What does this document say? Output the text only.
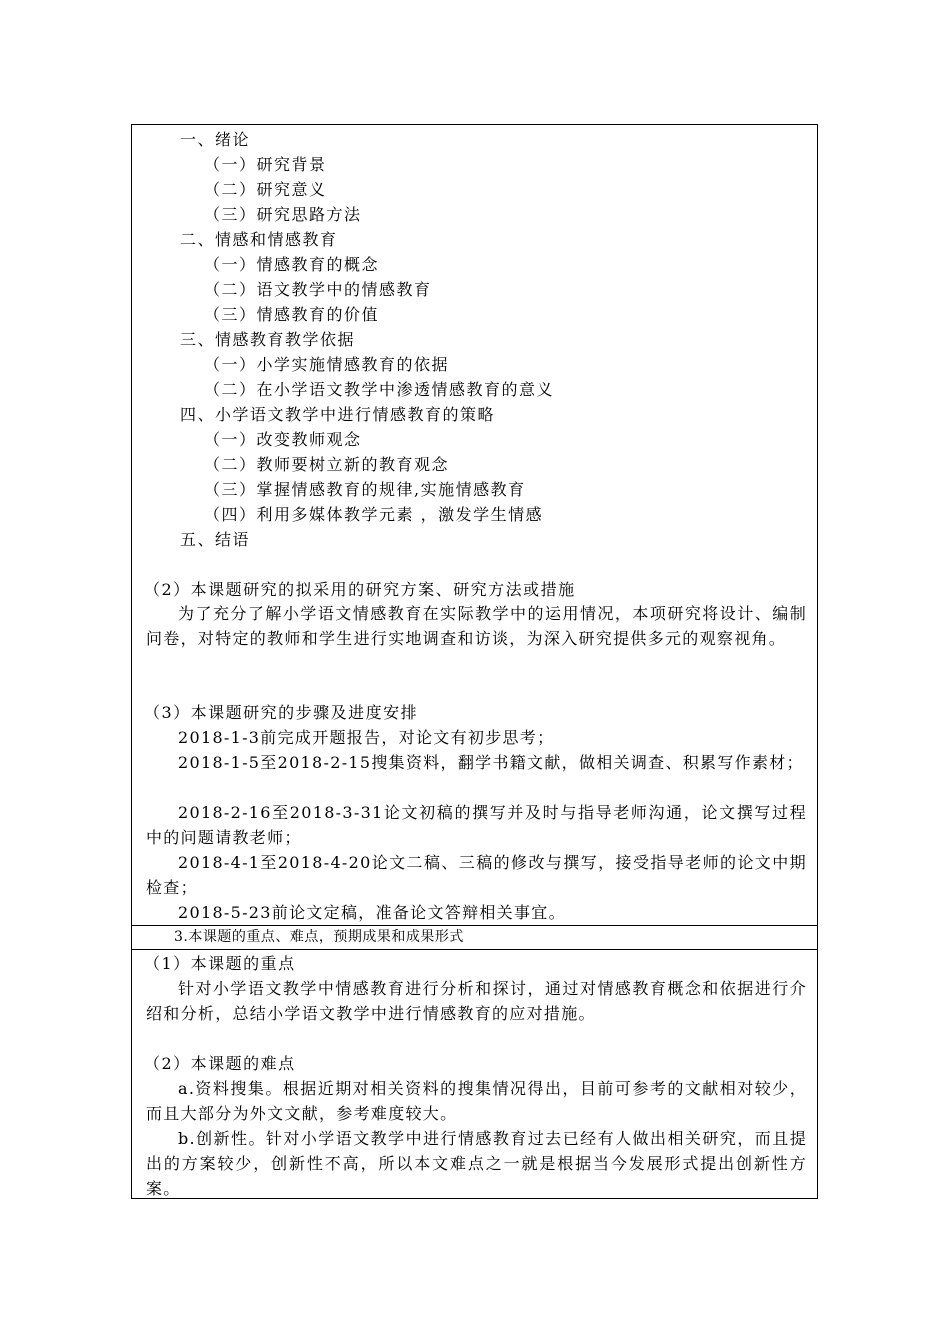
一、绪论
（一）研究背景
（二）研究意义
（三）研究思路方法
二、情感和情感教育
（一）情感教育的概念
（二）语文教学中的情感教育
（三）情感教育的价值
三、情感教育教学依据
（一）小学实施情感教育的依据
（二）在小学语文教学中渗透情感教育的意义
四、小学语文教学中进行情感教育的策略
（一）改变教师观念
（二）教师要树立新的教育观念
（三）掌握情感教育的规律,实施情感教育
（四）利用多媒体教学元素 ，激发学生情感
五、结语
（2）本课题研究的拟采用的研究方案、研究方法或措施
为了充分了解小学语文情感教育在实际教学中的运用情况，本项研究将设计、编制问卷，对特定的教师和学生进行实地调查和访谈，为深入研究提供多元的观察视角。
（3）本课题研究的步骤及进度安排
2018-1-3前完成开题报告，对论文有初步思考；
2018-1-5至2018-2-15搜集资料，翻学书籍文献，做相关调查、积累写作素材；
2018-2-16至2018-3-31论文初稿的撰写并及时与指导老师沟通，论文撰写过程中的问题请教老师；
2018-4-1至2018-4-20论文二稿、三稿的修改与撰写，接受指导老师的论文中期检查；
2018-5-23前论文定稿，准备论文答辩相关事宜。
3.本课题的重点、难点，预期成果和成果形式
（1）本课题的重点
针对小学语文教学中情感教育进行分析和探讨，通过对情感教育概念和依据进行介绍和分析，总结小学语文教学中进行情感教育的应对措施。
（2）本课题的难点
a.资料搜集。根据近期对相关资料的搜集情况得出，目前可参考的文献相对较少，而且大部分为外文文献，参考难度较大。
b.创新性。针对小学语文教学中进行情感教育过去已经有人做出相关研究，而且提出的方案较少，创新性不高，所以本文难点之一就是根据当今发展形式提出创新性方案。
